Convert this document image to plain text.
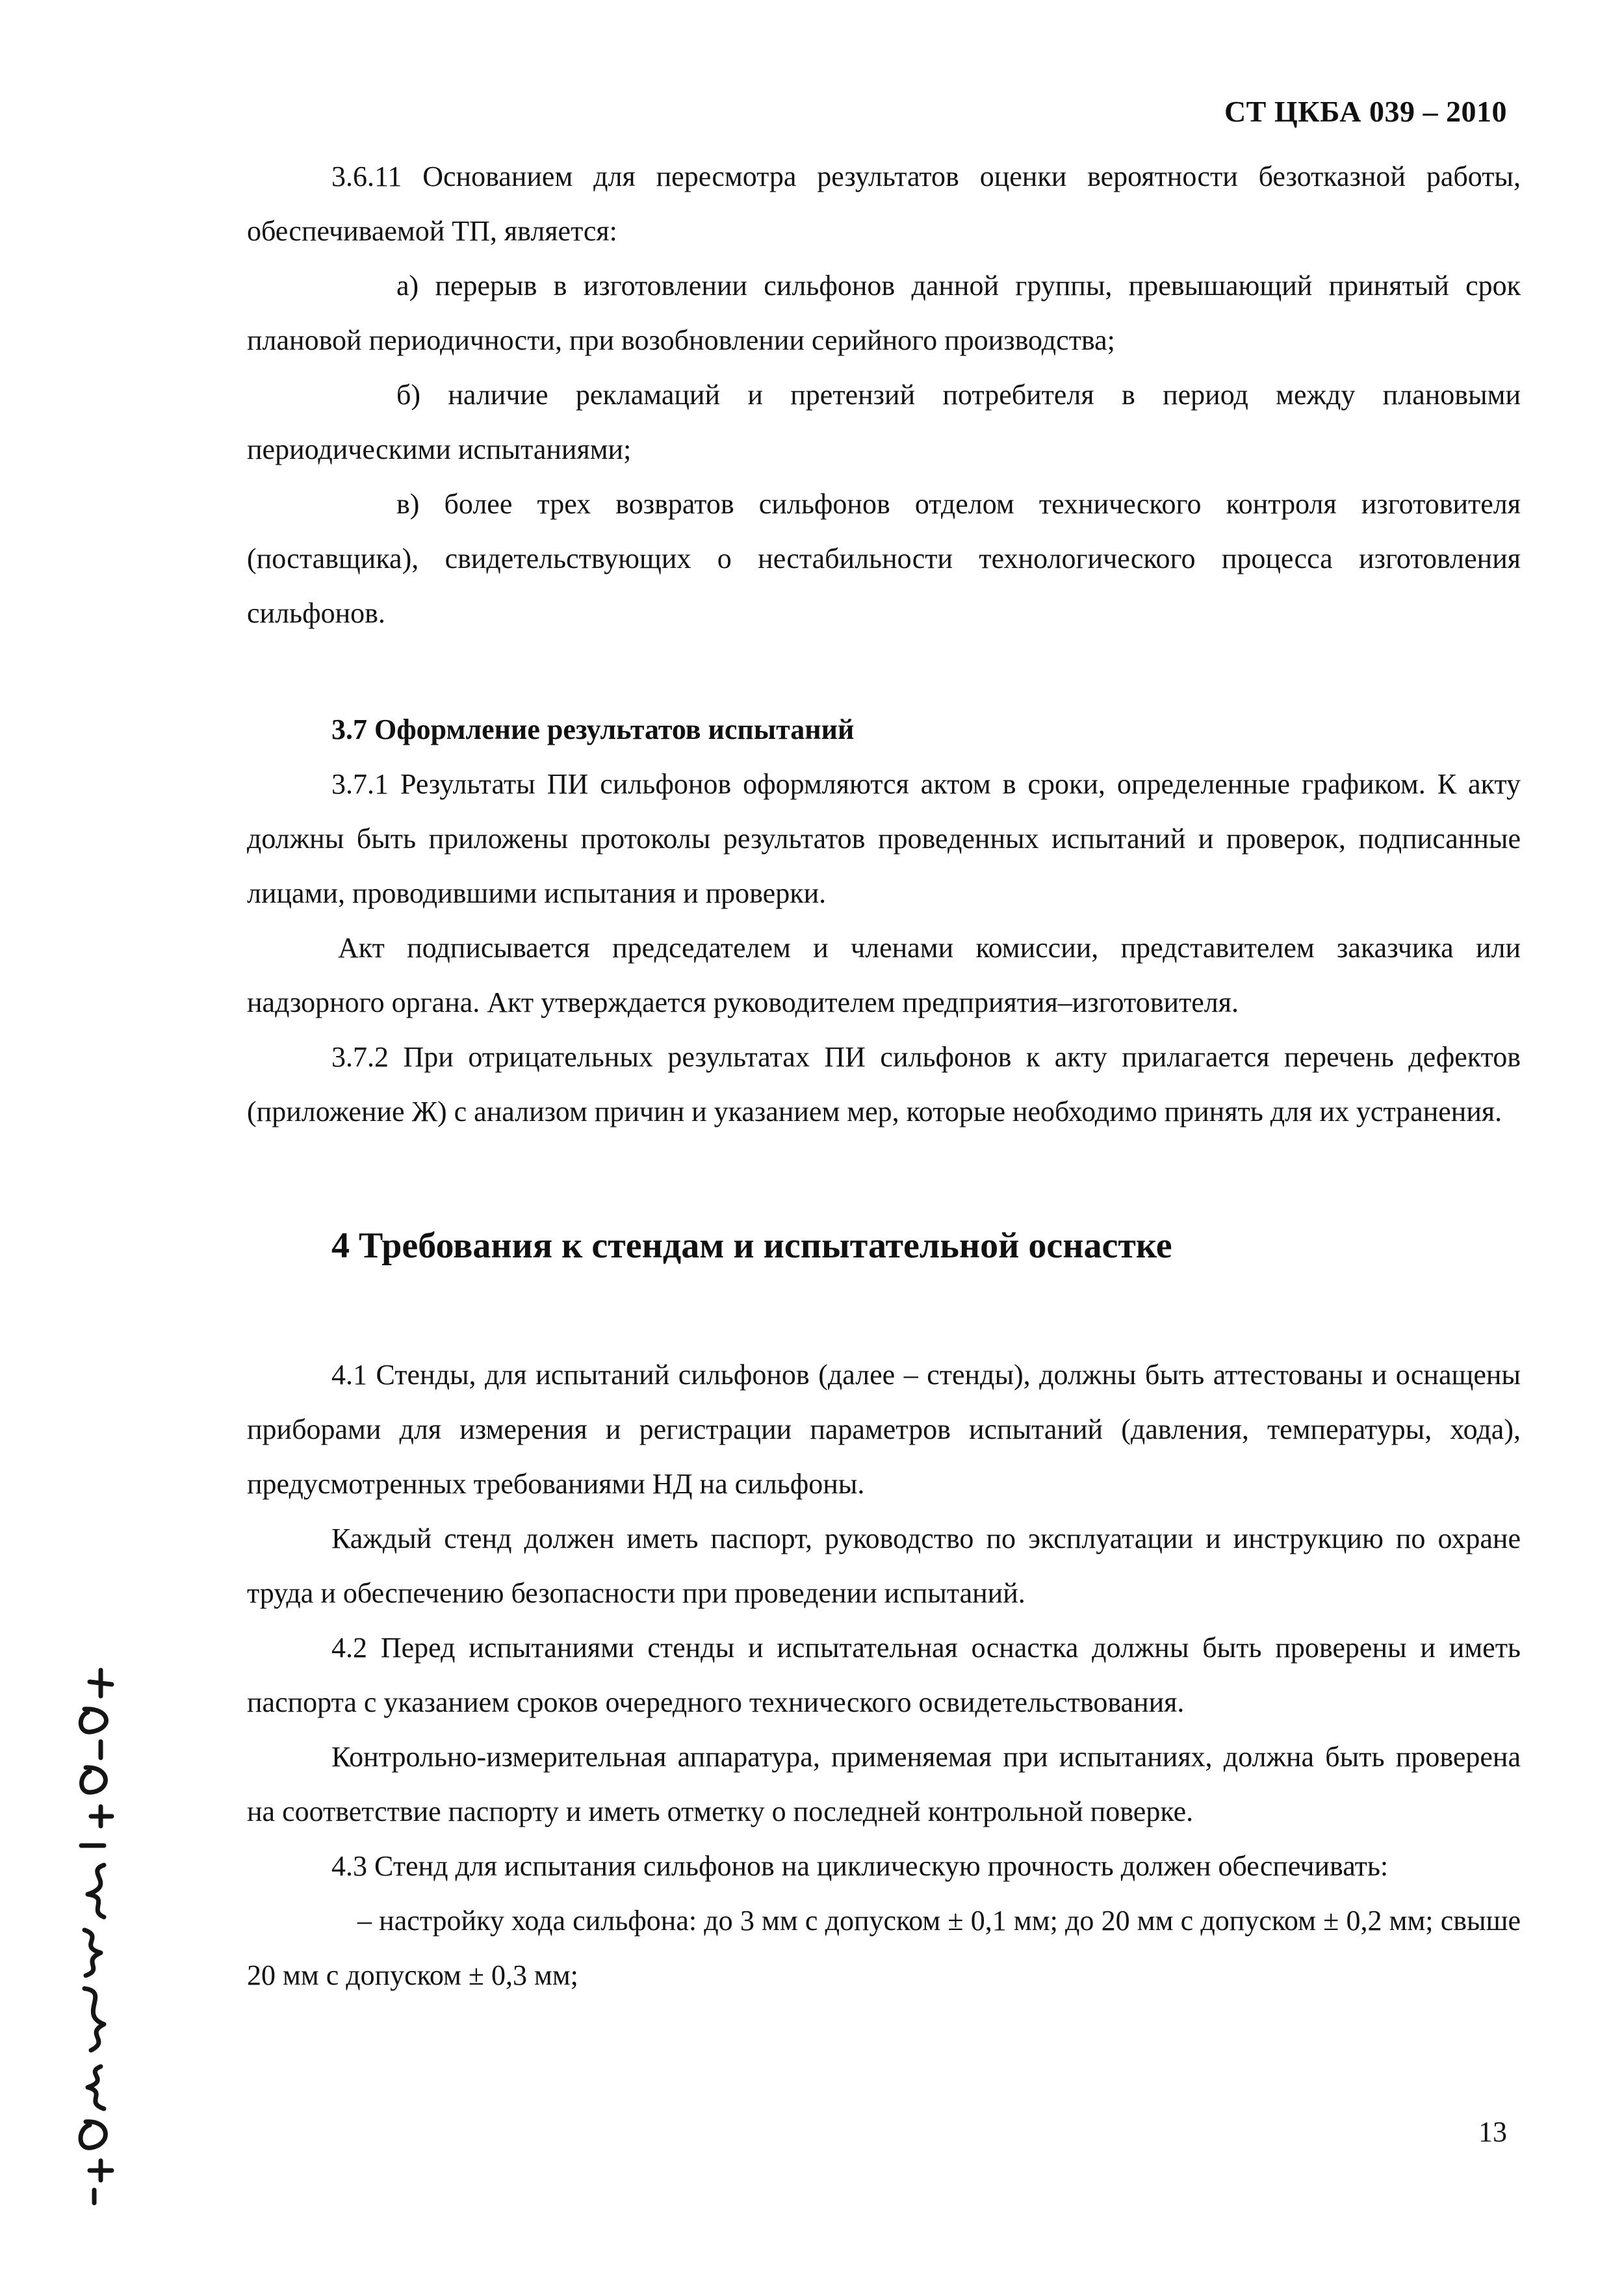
СТ ЦКБА 039 – 2010

3.6.11 Основанием для пересмотра результатов оценки вероятности безотказной работы, обеспечиваемой ТП, является:

а) перерыв в изготовлении сильфонов данной группы, превышающий принятый срок плановой периодичности, при возобновлении серийного производства;

б) наличие рекламаций и претензий потребителя в период между плановыми периодическими испытаниями;

в) более трех возвратов сильфонов отделом технического контроля изготовителя (поставщика), свидетельствующих о нестабильности технологического процесса изготовления сильфонов.

3.7 Оформление результатов испытаний

3.7.1 Результаты ПИ сильфонов оформляются актом в сроки, определенные графиком. К акту должны быть приложены протоколы результатов проведенных испытаний и проверок, подписанные лицами, проводившими испытания и проверки.

Акт подписывается председателем и членами комиссии, представителем заказчика или надзорного органа. Акт утверждается руководителем предприятия–изготовителя.

3.7.2 При отрицательных результатах ПИ сильфонов к акту прилагается перечень дефектов (приложение Ж) с анализом причин и указанием мер, которые необходимо принять для их устранения.

4 Требования к стендам и испытательной оснастке

4.1 Стенды, для испытаний сильфонов (далее – стенды), должны быть аттестованы и оснащены приборами для измерения и регистрации параметров испытаний (давления, температуры, хода), предусмотренных требованиями НД на сильфоны.

Каждый стенд должен иметь паспорт, руководство по эксплуатации и инструкцию по охране труда и обеспечению безопасности при проведении испытаний.

4.2 Перед испытаниями стенды и испытательная оснастка должны быть проверены и иметь паспорта с указанием сроков очередного технического освидетельствования.

Контрольно-измерительная аппаратура, применяемая при испытаниях, должна быть проверена на соответствие паспорту и иметь отметку о последней контрольной поверке.

4.3 Стенд для испытания сильфонов на циклическую прочность должен обеспечивать:

– настройку хода сильфона: до 3 мм с допуском ± 0,1 мм; до 20 мм с допуском ± 0,2 мм; свыше 20 мм с допуском ± 0,3 мм;

13
